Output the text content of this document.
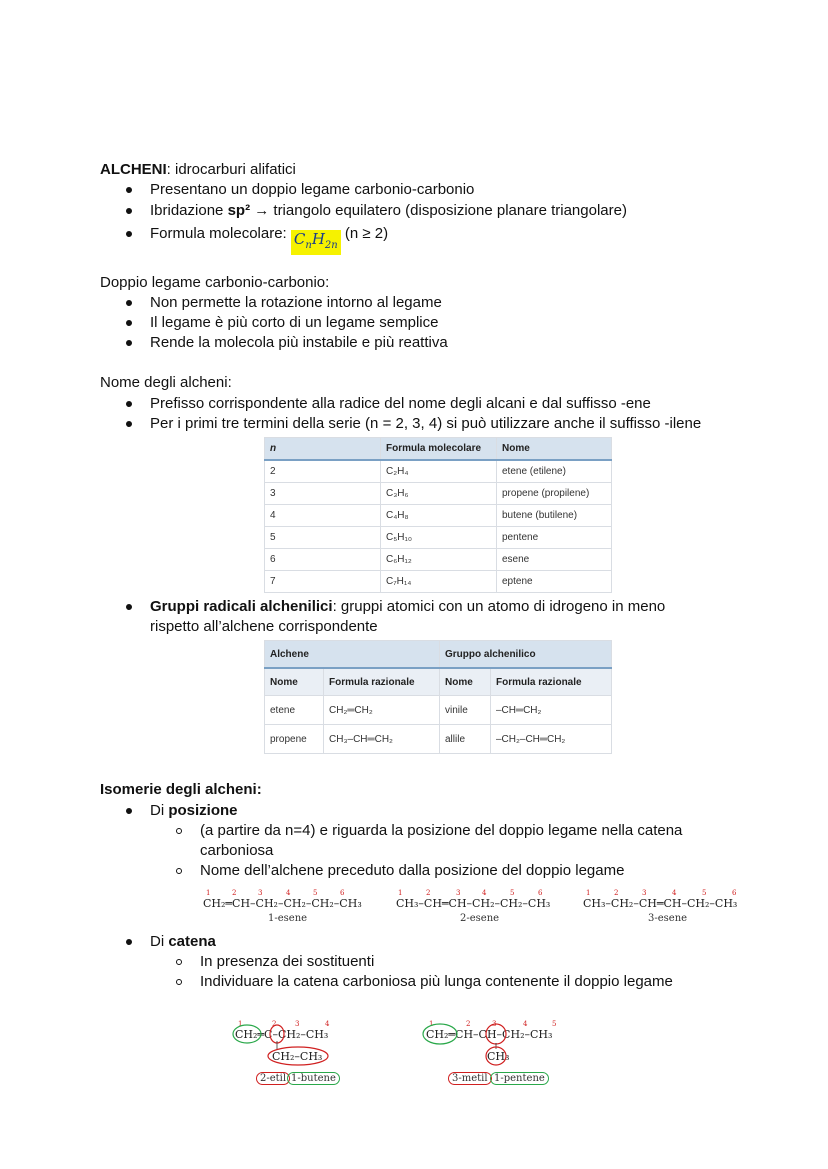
ALCHENI: idrocarburi alifatici
Presentano un doppio legame carbonio-carbonio
Ibridazione sp² → triangolo equilatero (disposizione planare triangolare)
Formula molecolare: $C_nH_{2n}$ (n ≥ 2)
Doppio legame carbonio-carbonio:
Non permette la rotazione intorno al legame
Il legame è più corto di un legame semplice
Rende la molecola più instabile e più reattiva
Nome degli alcheni:
Prefisso corrispondente alla radice del nome degli alcani e dal suffisso -ene
Per i primi tre termini della serie (n = 2, 3, 4) si può utilizzare anche il suffisso -ilene
n	Formula molecolare	Nome
2	C₂H₄	etene (etilene)
3	C₃H₆	propene (propilene)
4	C₄H₈	butene (butilene)
5	C₅H₁₀	pentene
6	C₆H₁₂	esene
7	C₇H₁₄	eptene
Gruppi radicali alchenilici: gruppi atomici con un atomo di idrogeno in meno
rispetto all’alchene corrispondente
Alchene		Gruppo alchenilico	
Nome	Formula razionale	Nome	Formula razionale
etene	CH₂═CH₂	vinile	–CH═CH₂
propene	CH₃–CH═CH₂	allile	–CH₂–CH═CH₂
Isomerie degli alcheni:
Di posizione
(a partire da n=4) e riguarda la posizione del doppio legame nella catena
carboniosa
Nome dell’alchene preceduto dalla posizione del doppio legame
CH₂═CH–CH₂–CH₂–CH₂–CH₃
1-esene
CH₃–CH═CH–CH₂–CH₂–CH₃
2-esene
CH₃–CH₂–CH═CH–CH₂–CH₃
3-esene
1	2	3	4	5	6	1	2	3	4	5	6	1	2	3	4	5	6
Di catena
In presenza dei sostituenti
Individuare la catena carboniosa più lunga contenente il doppio legame
CH₂═C–CH₂–CH₃
CH₂–CH₃
1	2	3	4
2-etil 1-butene
CH₂═CH–CH–CH₂–CH₃
CH₃
1	2	3	4	5
3-metil 1-pentene
